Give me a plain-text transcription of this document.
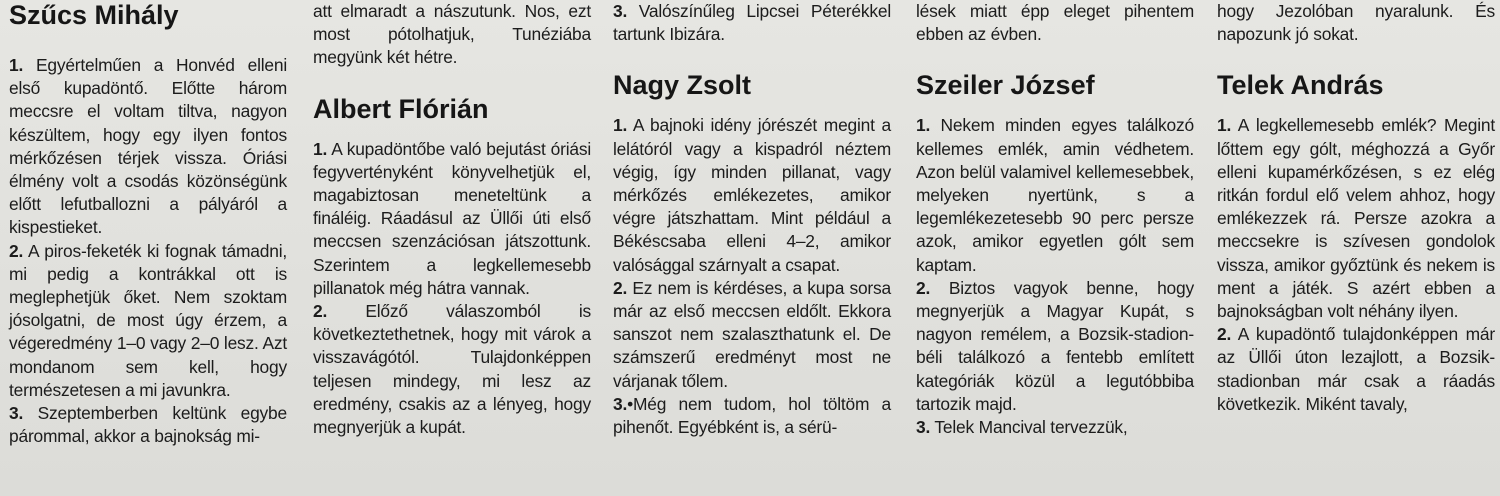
Szűcs Mihály

1. Egyértelműen a Honvéd elleni első kupadöntő. Előtte három meccsre el voltam tiltva, nagyon készültem, hogy egy ilyen fontos mérkőzésen térjek vissza. Óriási élmény volt a csodás közönségünk előtt lefutballozni a pályáról a kispestieket.

2. A piros-feketék ki fognak támadni, mi pedig a kontrákkal ott is meglephetjük őket. Nem szoktam jósolgatni, de most úgy érzem, a végeredmény 1–0 vagy 2–0 lesz. Azt mondanom sem kell, hogy természetesen a mi javunkra.

3. Szeptemberben keltünk egybe párommal, akkor a bajnokság mi-

att elmaradt a nászutunk. Nos, ezt most pótolhatjuk, Tunéziába megyünk két hétre.

Albert Flórián

1. A kupadöntőbe való bejutást óriási fegyvertényként könyvelhetjük el, magabiztosan meneteltünk a fináléig. Ráadásul az Üllői úti első meccsen szenzációsan játszottunk. Szerintem a legkellemesebb pillanatok még hátra vannak.

2. Előző válaszomból is következtethetnek, hogy mit várok a visszavágótól. Tulajdonképpen teljesen mindegy, mi lesz az eredmény, csakis az a lényeg, hogy megnyerjük a kupát.

3. Valószínűleg Lipcsei Péterékkel tartunk Ibizára.

Nagy Zsolt

1. A bajnoki idény jórészét megint a lelátóról vagy a kispadról néztem végig, így minden pillanat, vagy mérkőzés emlékezetes, amikor végre játszhattam. Mint például a Békéscsaba elleni 4–2, amikor valósággal szárnyalt a csapat.

2. Ez nem is kérdéses, a kupa sorsa már az első meccsen eldőlt. Ekkora sanszot nem szalaszthatunk el. De számszerű eredményt most ne várjanak tőlem.

3.•Még nem tudom, hol töltöm a pihenőt. Egyébként is, a sérü-

lések miatt épp eleget pihentem ebben az évben.

Szeiler József

1. Nekem minden egyes találkozó kellemes emlék, amin védhetem. Azon belül valamivel kellemesebbek, melyeken nyertünk, s a legemlékezetesebb 90 perc persze azok, amikor egyetlen gólt sem kaptam.

2. Biztos vagyok benne, hogy megnyerjük a Magyar Kupát, s nagyon remélem, a Bozsik-stadion-béli találkozó a fentebb említett kategóriák közül a legutóbbiba tartozik majd.

3. Telek Mancival tervezzük,

hogy Jezolóban nyaralunk. És napozunk jó sokat.

Telek András

1. A legkellemesebb emlék? Megint lőttem egy gólt, méghozzá a Győr elleni kupamérkőzésen, s ez elég ritkán fordul elő velem ahhoz, hogy emlékezzek rá. Persze azokra a meccsekre is szívesen gondolok vissza, amikor győztünk és nekem is ment a játék. S azért ebben a bajnokságban volt néhány ilyen.

2. A kupadöntő tulajdonképpen már az Üllői úton lezajlott, a Bozsik- stadionban már csak a ráadás következik. Miként tavaly,
